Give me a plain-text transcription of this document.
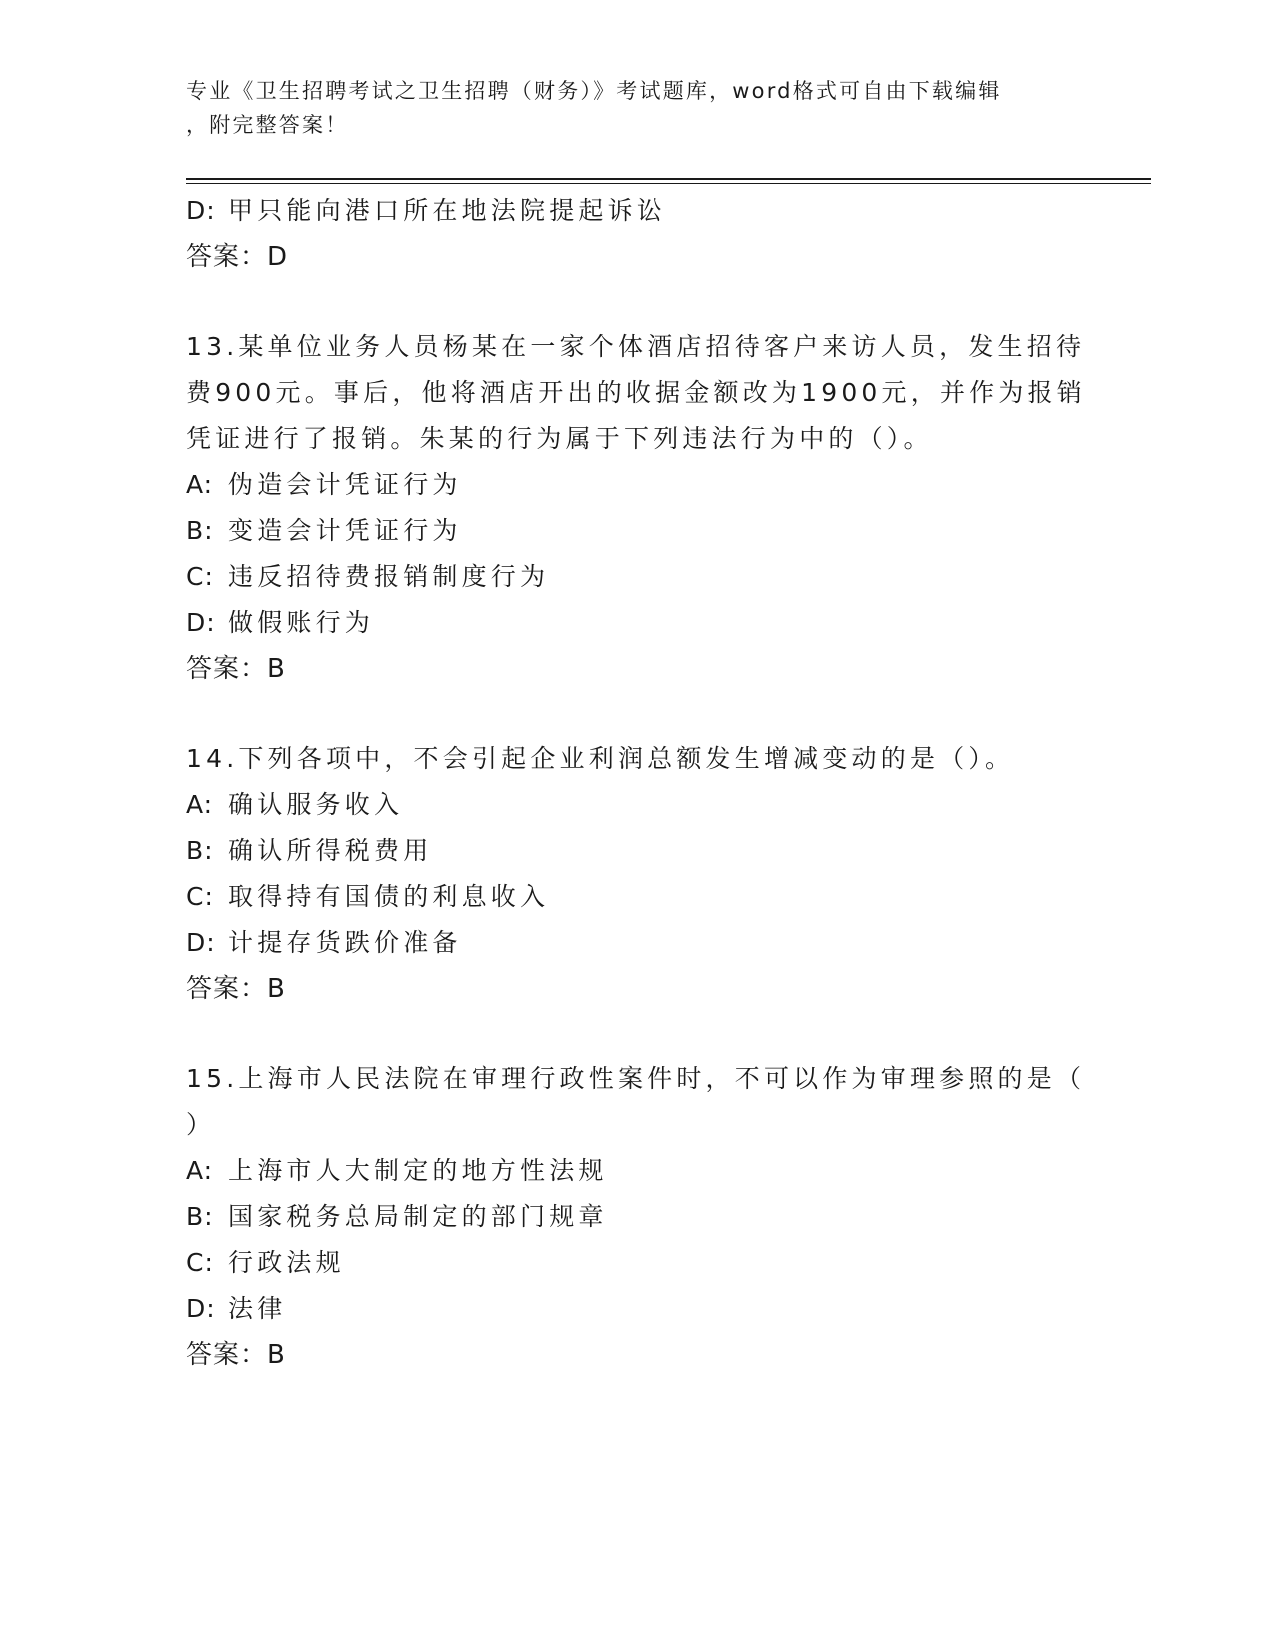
专业《卫生招聘考试之卫生招聘（财务）》考试题库，word格式可自由下载编辑
，附完整答案！
D: 甲只能向港口所在地法院提起诉讼
答案：D
13.某单位业务人员杨某在一家个体酒店招待客户来访人员，发生招待
费900元。事后，他将酒店开出的收据金额改为1900元，并作为报销
凭证进行了报销。朱某的行为属于下列违法行为中的（）。
A: 伪造会计凭证行为
B: 变造会计凭证行为
C: 违反招待费报销制度行为
D: 做假账行为
答案：B
14.下列各项中，不会引起企业利润总额发生增减变动的是（）。
A: 确认服务收入
B: 确认所得税费用
C: 取得持有国债的利息收入
D: 计提存货跌价准备
答案：B
15.上海市人民法院在审理行政性案件时，不可以作为审理参照的是（
）
A: 上海市人大制定的地方性法规
B: 国家税务总局制定的部门规章
C: 行政法规
D: 法律
答案：B
